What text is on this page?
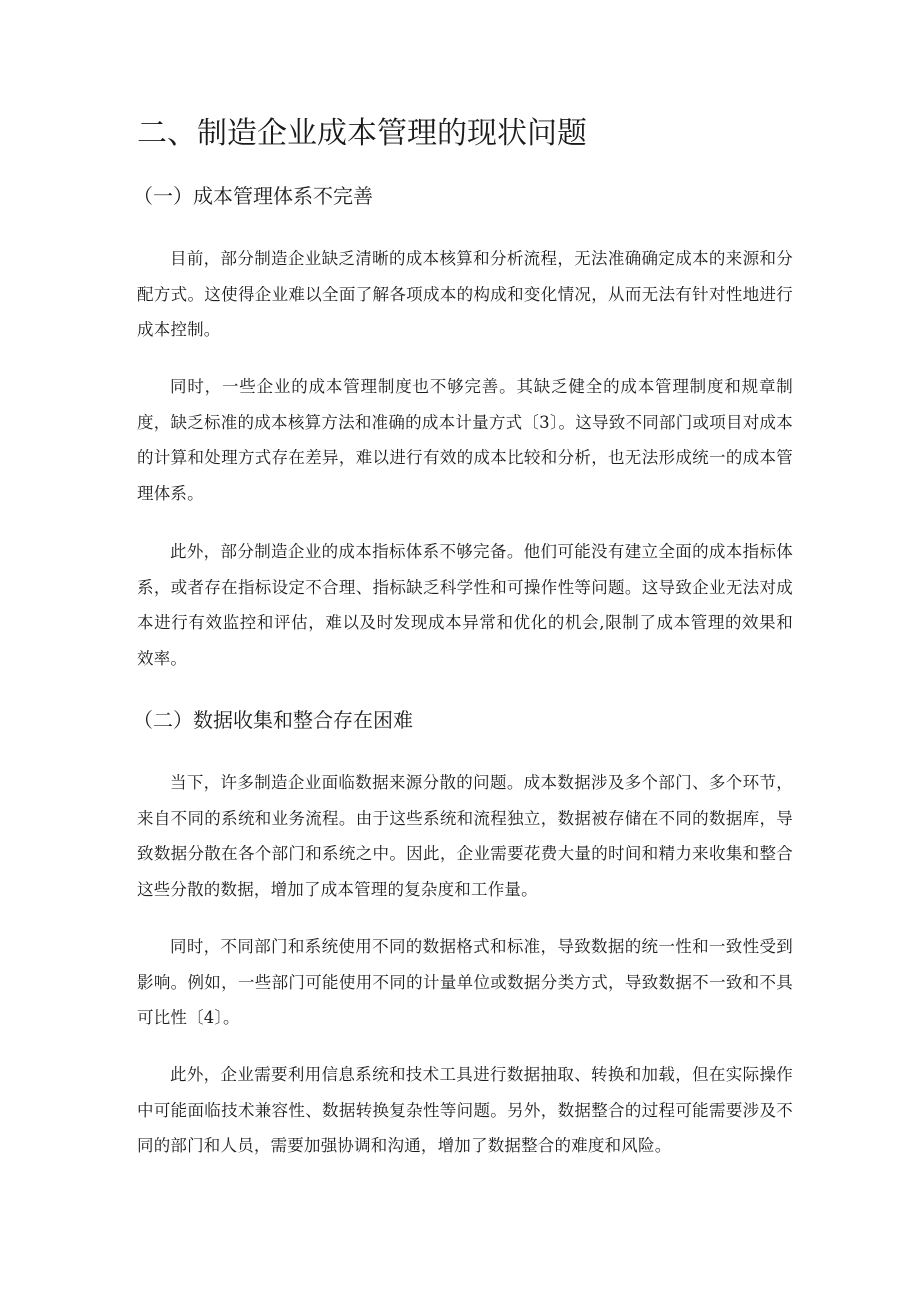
二、制造企业成本管理的现状问题
（一）成本管理体系不完善

目前，部分制造企业缺乏清晰的成本核算和分析流程，无法准确确定成本的来源和分配方式。这使得企业难以全面了解各项成本的构成和变化情况，从而无法有针对性地进行成本控制。

同时，一些企业的成本管理制度也不够完善。其缺乏健全的成本管理制度和规章制度，缺乏标准的成本核算方法和准确的成本计量方式〔3〕。这导致不同部门或项目对成本的计算和处理方式存在差异，难以进行有效的成本比较和分析，也无法形成统一的成本管理体系。

此外，部分制造企业的成本指标体系不够完备。他们可能没有建立全面的成本指标体系，或者存在指标设定不合理、指标缺乏科学性和可操作性等问题。这导致企业无法对成本进行有效监控和评估，难以及时发现成本异常和优化的机会,限制了成本管理的效果和效率。

（二）数据收集和整合存在困难

当下，许多制造企业面临数据来源分散的问题。成本数据涉及多个部门、多个环节，来自不同的系统和业务流程。由于这些系统和流程独立，数据被存储在不同的数据库，导致数据分散在各个部门和系统之中。因此，企业需要花费大量的时间和精力来收集和整合这些分散的数据，增加了成本管理的复杂度和工作量。

同时，不同部门和系统使用不同的数据格式和标准，导致数据的统一性和一致性受到影响。例如，一些部门可能使用不同的计量单位或数据分类方式，导致数据不一致和不具可比性〔4〕。

此外，企业需要利用信息系统和技术工具进行数据抽取、转换和加载，但在实际操作中可能面临技术兼容性、数据转换复杂性等问题。另外，数据整合的过程可能需要涉及不同的部门和人员，需要加强协调和沟通，增加了数据整合的难度和风险。
